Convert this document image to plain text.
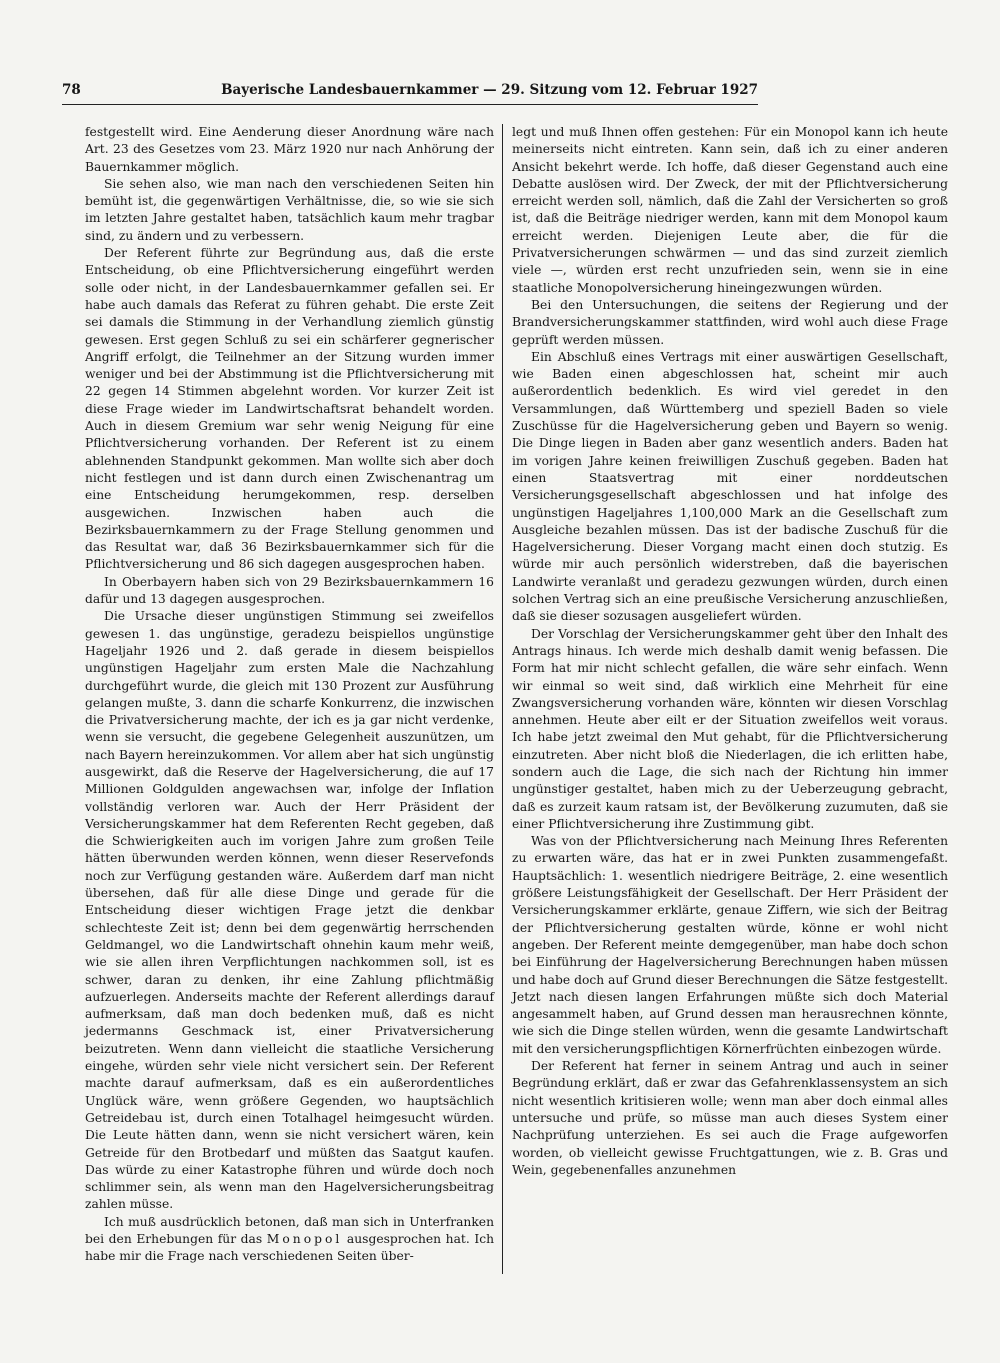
78	Bayerische Landesbauernkammer — 29. Sitzung vom 12. Februar 1927

festgestellt wird. Eine Aenderung dieser Anordnung wäre nach Art. 23 des Gesetzes vom 23. März 1920 nur nach Anhörung der Bauernkammer möglich.

Sie sehen also, wie man nach den verschiedenen Seiten hin bemüht ist, die gegenwärtigen Verhältnisse, die, so wie sie sich im letzten Jahre gestaltet haben, tatsächlich kaum mehr tragbar sind, zu ändern und zu verbessern.

Der Referent führte zur Begründung aus, daß die erste Entscheidung, ob eine Pflichtversicherung eingeführt werden solle oder nicht, in der Landesbauernkammer gefallen sei. Er habe auch damals das Referat zu führen gehabt. Die erste Zeit sei damals die Stimmung in der Verhandlung ziemlich günstig gewesen. Erst gegen Schluß zu sei ein schärferer gegnerischer Angriff erfolgt, die Teilnehmer an der Sitzung wurden immer weniger und bei der Abstimmung ist die Pflichtversicherung mit 22 gegen 14 Stimmen abgelehnt worden. Vor kurzer Zeit ist diese Frage wieder im Landwirtschaftsrat behandelt worden. Auch in diesem Gremium war sehr wenig Neigung für eine Pflichtversicherung vorhanden. Der Referent ist zu einem ablehnenden Standpunkt gekommen. Man wollte sich aber doch nicht festlegen und ist dann durch einen Zwischenantrag um eine Entscheidung herumgekommen, resp. derselben ausgewichen. Inzwischen haben auch die Bezirksbauernkammern zu der Frage Stellung genommen und das Resultat war, daß 36 Bezirksbauernkammer sich für die Pflichtversicherung und 86 sich dagegen ausgesprochen haben.

In Oberbayern haben sich von 29 Bezirksbauernkammern 16 dafür und 13 dagegen ausgesprochen.

Die Ursache dieser ungünstigen Stimmung sei zweifellos gewesen 1. das ungünstige, geradezu beispiellos ungünstige Hageljahr 1926 und 2. daß gerade in diesem beispiellos ungünstigen Hageljahr zum ersten Male die Nachzahlung durchgeführt wurde, die gleich mit 130 Prozent zur Ausführung gelangen mußte, 3. dann die scharfe Konkurrenz, die inzwischen die Privatversicherung machte, der ich es ja gar nicht verdenke, wenn sie versucht, die gegebene Gelegenheit auszunützen, um nach Bayern hereinzukommen. Vor allem aber hat sich ungünstig ausgewirkt, daß die Reserve der Hagelversicherung, die auf 17 Millionen Goldgulden angewachsen war, infolge der Inflation vollständig verloren war. Auch der Herr Präsident der Versicherungskammer hat dem Referenten Recht gegeben, daß die Schwierigkeiten auch im vorigen Jahre zum großen Teile hätten überwunden werden können, wenn dieser Reservefonds noch zur Verfügung gestanden wäre. Außerdem darf man nicht übersehen, daß für alle diese Dinge und gerade für die Entscheidung dieser wichtigen Frage jetzt die denkbar schlechteste Zeit ist; denn bei dem gegenwärtig herrschenden Geldmangel, wo die Landwirtschaft ohnehin kaum mehr weiß, wie sie allen ihren Verpflichtungen nachkommen soll, ist es schwer, daran zu denken, ihr eine Zahlung pflichtmäßig aufzuerlegen. Anderseits machte der Referent allerdings darauf aufmerksam, daß man doch bedenken muß, daß es nicht jedermanns Geschmack ist, einer Privatversicherung beizutreten. Wenn dann vielleicht die staatliche Versicherung eingehe, würden sehr viele nicht versichert sein. Der Referent machte darauf aufmerksam, daß es ein außerordentliches Unglück wäre, wenn größere Gegenden, wo hauptsächlich Getreidebau ist, durch einen Totalhagel heimgesucht würden. Die Leute hätten dann, wenn sie nicht versichert wären, kein Getreide für den Brotbedarf und müßten das Saatgut kaufen. Das würde zu einer Katastrophe führen und würde doch noch schlimmer sein, als wenn man den Hagelversicherungsbeitrag zahlen müsse.

Ich muß ausdrücklich betonen, daß man sich in Unterfranken bei den Erhebungen für das Monopol ausgesprochen hat. Ich habe mir die Frage nach verschiedenen Seiten über-

legt und muß Ihnen offen gestehen: Für ein Monopol kann ich heute meinerseits nicht eintreten. Kann sein, daß ich zu einer anderen Ansicht bekehrt werde. Ich hoffe, daß dieser Gegenstand auch eine Debatte auslösen wird. Der Zweck, der mit der Pflichtversicherung erreicht werden soll, nämlich, daß die Zahl der Versicherten so groß ist, daß die Beiträge niedriger werden, kann mit dem Monopol kaum erreicht werden. Diejenigen Leute aber, die für die Privatversicherungen schwärmen — und das sind zurzeit ziemlich viele —, würden erst recht unzufrieden sein, wenn sie in eine staatliche Monopolversicherung hineingezwungen würden.

Bei den Untersuchungen, die seitens der Regierung und der Brandversicherungskammer stattfinden, wird wohl auch diese Frage geprüft werden müssen.

Ein Abschluß eines Vertrags mit einer auswärtigen Gesellschaft, wie Baden einen abgeschlossen hat, scheint mir auch außerordentlich bedenklich. Es wird viel geredet in den Versammlungen, daß Württemberg und speziell Baden so viele Zuschüsse für die Hagelversicherung geben und Bayern so wenig. Die Dinge liegen in Baden aber ganz wesentlich anders. Baden hat im vorigen Jahre keinen freiwilligen Zuschuß gegeben. Baden hat einen Staatsvertrag mit einer norddeutschen Versicherungsgesellschaft abgeschlossen und hat infolge des ungünstigen Hageljahres 1,100,000 Mark an die Gesellschaft zum Ausgleiche bezahlen müssen. Das ist der badische Zuschuß für die Hagelversicherung. Dieser Vorgang macht einen doch stutzig. Es würde mir auch persönlich widerstreben, daß die bayerischen Landwirte veranlaßt und geradezu gezwungen würden, durch einen solchen Vertrag sich an eine preußische Versicherung anzuschließen, daß sie dieser sozusagen ausgeliefert würden.

Der Vorschlag der Versicherungskammer geht über den Inhalt des Antrags hinaus. Ich werde mich deshalb damit wenig befassen. Die Form hat mir nicht schlecht gefallen, die wäre sehr einfach. Wenn wir einmal so weit sind, daß wirklich eine Mehrheit für eine Zwangsversicherung vorhanden wäre, könnten wir diesen Vorschlag annehmen. Heute aber eilt er der Situation zweifellos weit voraus. Ich habe jetzt zweimal den Mut gehabt, für die Pflichtversicherung einzutreten. Aber nicht bloß die Niederlagen, die ich erlitten habe, sondern auch die Lage, die sich nach der Richtung hin immer ungünstiger gestaltet, haben mich zu der Ueberzeugung gebracht, daß es zurzeit kaum ratsam ist, der Bevölkerung zuzumuten, daß sie einer Pflichtversicherung ihre Zustimmung gibt.

Was von der Pflichtversicherung nach Meinung Ihres Referenten zu erwarten wäre, das hat er in zwei Punkten zusammengefaßt. Hauptsächlich: 1. wesentlich niedrigere Beiträge, 2. eine wesentlich größere Leistungsfähigkeit der Gesellschaft. Der Herr Präsident der Versicherungskammer erklärte, genaue Ziffern, wie sich der Beitrag der Pflichtversicherung gestalten würde, könne er wohl nicht angeben. Der Referent meinte demgegenüber, man habe doch schon bei Einführung der Hagelversicherung Berechnungen haben müssen und habe doch auf Grund dieser Berechnungen die Sätze festgestellt. Jetzt nach diesen langen Erfahrungen müßte sich doch Material angesammelt haben, auf Grund dessen man herausrechnen könnte, wie sich die Dinge stellen würden, wenn die gesamte Landwirtschaft mit den versicherungspflichtigen Körnerfrüchten einbezogen würde.

Der Referent hat ferner in seinem Antrag und auch in seiner Begründung erklärt, daß er zwar das Gefahrenklassensystem an sich nicht wesentlich kritisieren wolle; wenn man aber doch einmal alles untersuche und prüfe, so müsse man auch dieses System einer Nachprüfung unterziehen. Es sei auch die Frage aufgeworfen worden, ob vielleicht gewisse Fruchtgattungen, wie z. B. Gras und Wein, gegebenenfalles anzunehmen
